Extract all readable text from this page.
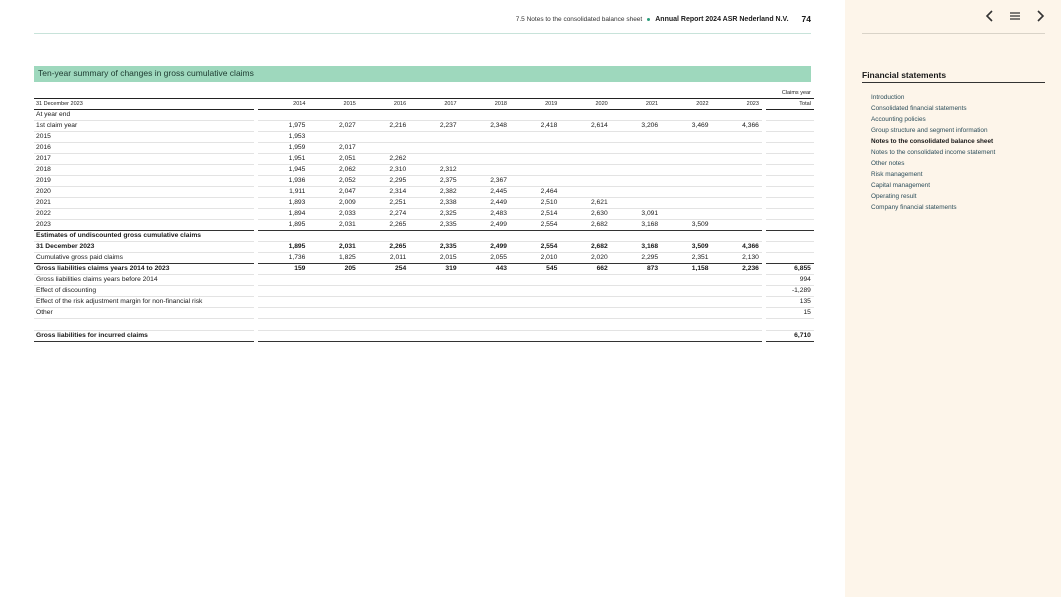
7.5 Notes to the consolidated balance sheet Annual Report 2024 ASR Nederland N.V. 74
Ten-year summary of changes in gross cumulative claims
													Claims year
31 December 2023		2014	2015	2016	2017	2018	2019	2020	2021	2022	2023		Total
At year end													
1st claim year		1,975	2,027	2,216	2,237	2,348	2,418	2,614	3,206	3,469	4,366		
2015		1,953											
2016		1,959	2,017										
2017		1,951	2,051	2,262									
2018		1,945	2,062	2,310	2,312								
2019		1,936	2,052	2,295	2,375	2,367							
2020		1,911	2,047	2,314	2,382	2,445	2,464						
2021		1,893	2,009	2,251	2,338	2,449	2,510	2,621					
2022		1,894	2,033	2,274	2,325	2,483	2,514	2,630	3,091				
2023		1,895	2,031	2,265	2,335	2,499	2,554	2,682	3,168	3,509			
Estimates of undiscounted gross cumulative claims													
31 December 2023		1,895	2,031	2,265	2,335	2,499	2,554	2,682	3,168	3,509	4,366		
Cumulative gross paid claims		1,736	1,825	2,011	2,015	2,055	2,010	2,020	2,295	2,351	2,130		
Gross liabilities claims years 2014 to 2023		159	205	254	319	443	545	662	873	1,158	2,236		6,855
Gross liabilities claims years before 2014													994
Effect of discounting													-1,289
Effect of the risk adjustment margin for non-financial risk													135
Other													15

Gross liabilities for incurred claims													6,710
Financial statements
Introduction
Consolidated financial statements
Accounting policies
Group structure and segment information
Notes to the consolidated balance sheet
Notes to the consolidated income statement
Other notes
Risk management
Capital management
Operating result
Company financial statements
